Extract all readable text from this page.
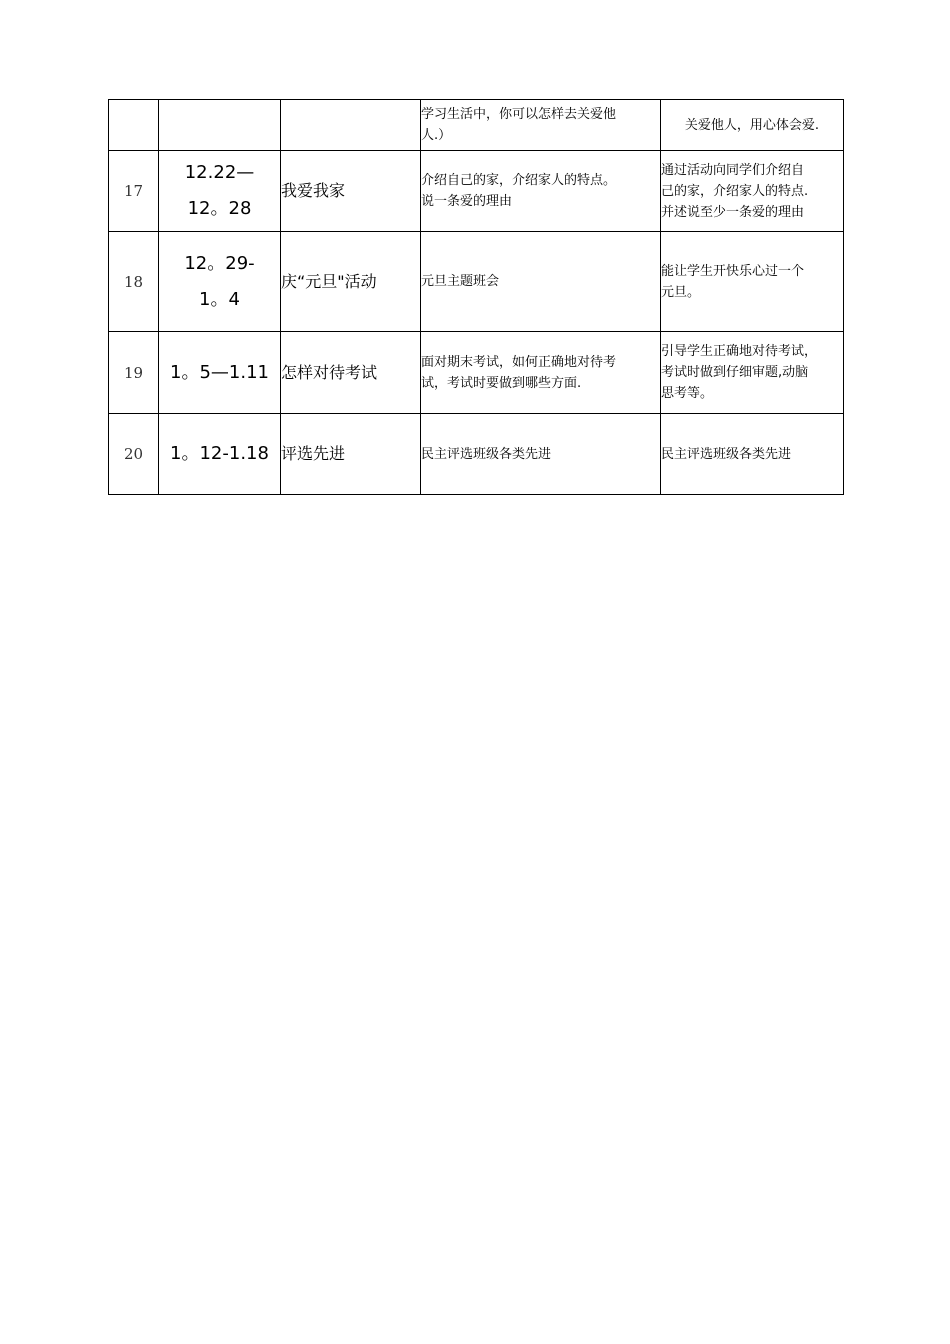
			学习生活中，你可以怎样去关爱他
人.）	关爱他人，用心体会爱.

17	12.22—
12。28	我爱我家	介绍自己的家，介绍家人的特点。
说一条爱的理由	通过活动向同学们介绍自
己的家，介绍家人的特点.
并述说至少一条爱的理由

18	12。29-
1。4	庆“元旦"活动	元旦主题班会	能让学生开快乐心过一个
元旦。

19	1。5—1.11	怎样对待考试	面对期末考试，如何正确地对待考
试，考试时要做到哪些方面.	引导学生正确地对待考试，
考试时做到仔细审题,动脑
思考等。

20	1。12-1.18	评选先进	民主评选班级各类先进	民主评选班级各类先进
